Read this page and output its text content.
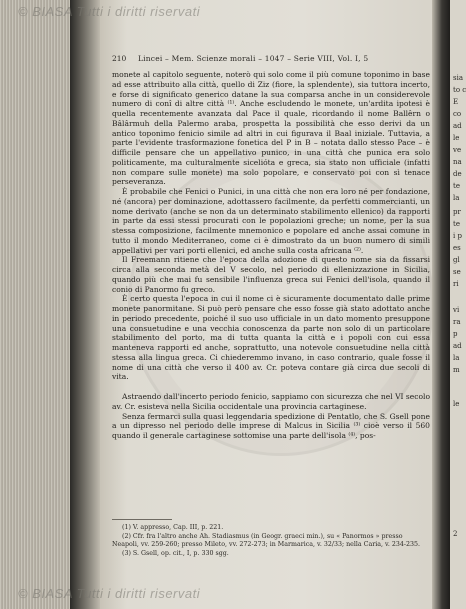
sia
to c
E
co
ad
le
ve
na
de
te
la
pr
te
i p
es
gl
se
ri
vi
ra
p
ad
la
m
le
2
© BIASA Tutti i diritti riservati
© BIASA Tutti i diritti riservati
210 Lincei – Mem. Scienze morali – 1047 – Serie VIII, Vol. I, 5

monete al capitolo seguente, noterò qui solo come il più comune toponimo in base ad esse attribuito alla città, quello di Ziz (fiore, la splendente), sia tuttora incerto, e forse di significato generico datane la sua comparsa anche in un considerevole numero di conî di altre città ⁽¹⁾. Anche escludendo le monete, un'ardita ipotesi è quella recentemente avanzata dal Pace il quale, ricordando il nome Ballêrn o Bâlârmuh della Palermo araba, prospetta la possibilità che esso derivi da un antico toponimo fenicio simile ad altri in cui figurava il Baal iniziale. Tuttavia, a parte l'evidente trasformazione fonetica del P in B – notata dallo stesso Pace – è difficile pensare che un appellativo punico, in una città che punica era solo politicamente, ma culturalmente sicelióta e greca, sia stato non ufficiale (infatti non compare sulle monete) ma solo popolare, e conservato poi con sì tenace perseveranza.

È probabile che Fenici o Punici, in una città che non era loro né per fondazione, né (ancora) per dominazione, adottassero facilmente, da perfetti commercianti, un nome derivato (anche se non da un determinato stabilimento ellenico) da rapporti in parte da essi stessi procurati con le popolazioni greche; un nome, per la sua stessa composizione, facilmente mnemonico e popolare ed anche assai comune in tutto il mondo Mediterraneo, come ci è dimostrato da un buon numero di simili appellativi per vari porti ellenici, ed anche sulla costa africana ⁽²⁾.

Il Freemann ritiene che l'epoca della adozione di questo nome sia da fissarsi circa alla seconda metà del V secolo, nel periodo di ellenizzazione in Sicilia, quando più che mai fu sensibile l'influenza greca sui Fenici dell'isola, quando il conio di Panormo fu greco.

È certo questa l'epoca in cui il nome ci è sicuramente documentato dalle prime monete panormitane. Si può però pensare che esso fosse già stato adottato anche in periodo precedente, poiché il suo uso ufficiale in un dato momento presuppone una consuetudine e una vecchia conoscenza da parte non solo di un particolare stabilimento del porto, ma di tutta quanta la città e i popoli con cui essa manteneva rapporti ed anche, soprattutto, una notevole consuetudine nella città stessa alla lingua greca. Ci chiederemmo invano, in caso contrario, quale fosse il nome di una città che verso il 400 av. Cr. poteva contare già circa due secoli di vita.

Astraendo dall'incerto periodo fenicio, sappiamo con sicurezza che nel VI secolo av. Cr. esisteva nella Sicilia occidentale una provincia cartaginese.

Senza fermarci sulla quasi leggendaria spedizione di Pentatlo, che S. Gsell pone a un dipresso nel periodo delle imprese di Malcus in Sicilia ⁽³⁾ cioè verso il 560 quando il generale cartaginese sottomise una parte dell'isola ⁽⁴⁾, pos-

(1) V. appresso, Cap. III, p. 221.

(2) Cfr. fra l'altro anche Ah. Stadiasmus (in Geogr. graeci min.), su « Panormos » presso Neapoli, vv. 259-260; presso Mileto, vv. 272-273; in Marmarica, v. 32/33; nella Caria, v. 234-235.

(3) S. Gsell, op. cit., I, p. 330 sgg.
